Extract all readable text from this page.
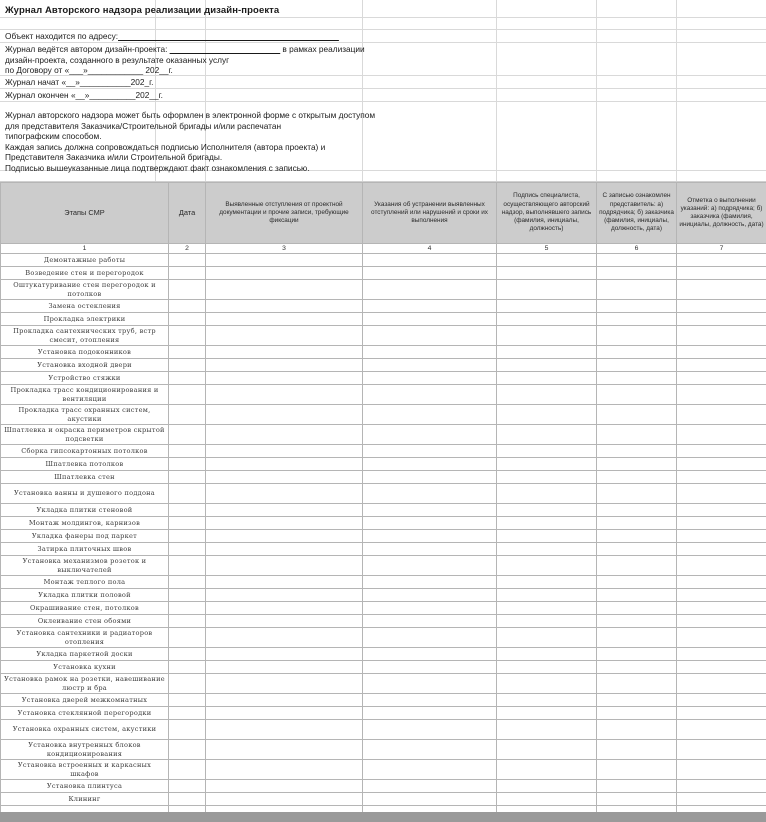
Журнал Авторского надзора реализации дизайн-проекта
Объект находится по адресу: __________________________________________________
Журнал ведётся автором дизайн-проекта: _________________________ в рамках реализации
дизайн-проекта, созданного в результате оказанных услуг
по Договору от «___»____________ 202__г.
Журнал начат «__»___________202_г.
Журнал окончен «__»__________202__г.
Журнал авторского надзора может быть оформлен в электронной форме с открытым доступом
для представителя Заказчика/Строительной бригады и/или распечатан
типографским способом.
Каждая запись должна сопровождаться подписью Исполнителя (автора проекта) и
Представителя Заказчика и/или Строительной бригады.
Подписью вышеуказанные лица подтверждают факт ознакомления с записью.
Этапы СМР	Дата	Выявленные отступления от проектной документации и прочие записи, требующие фиксации	Указания об устранении выявленных отступлений или нарушений и сроки их выполнения	Подпись специалиста, осуществляющего авторский надзор, выполнявшего запись (фамилия, инициалы, должность)	С записью ознакомлен представитель: а) подрядчика; б) заказчика (фамилия, инициалы, должность, дата)	Отметка о выполнении указаний: а) подрядчика; б) заказчика (фамилия, инициалы, должность, дата)
1	2	3	4	5	6	7
Демонтажные работы						
Возведение стен и перегородок						
Оштукатуривание стен перегородок и потолков						
Замена остекления						
Прокладка электрики						
Прокладка сантехнических труб, встр смесит, отопления						
Установка подоконников						
Установка входной двери						
Устройство стяжки						
Прокладка трасс кондиционирования и вентиляции						
Прокладка трасс охранных систем, акустики						
Шпатлевка и окраска периметров скрытой подсветки						
Сборка гипсокартонных потолков						
Шпатлевка потолков						
Шпатлевка стен						
Установка ванны и душевого поддона						
Укладка плитки стеновой						
Монтаж молдингов, карнизов						
Укладка фанеры под паркет						
Затирка плиточных швов						
Установка механизмов розеток и выключателей						
Монтаж теплого пола						
Укладка плитки половой						
Окрашивание стен, потолков						
Оклеивание стен обоями						
Установка сантехники и радиаторов отопления						
Укладка паркетной доски						
Установка кухни						
Установка рамок на розетки, навешивание люстр и бра						
Установка дверей межкомнатных						
Установка стеклянной перегородки						
Установка охранных систем, акустики						
Установка внутренных блоков кондиционирования						
Установка встроенных и каркасных шкафов						
Установка плинтуса						
Клининг						
